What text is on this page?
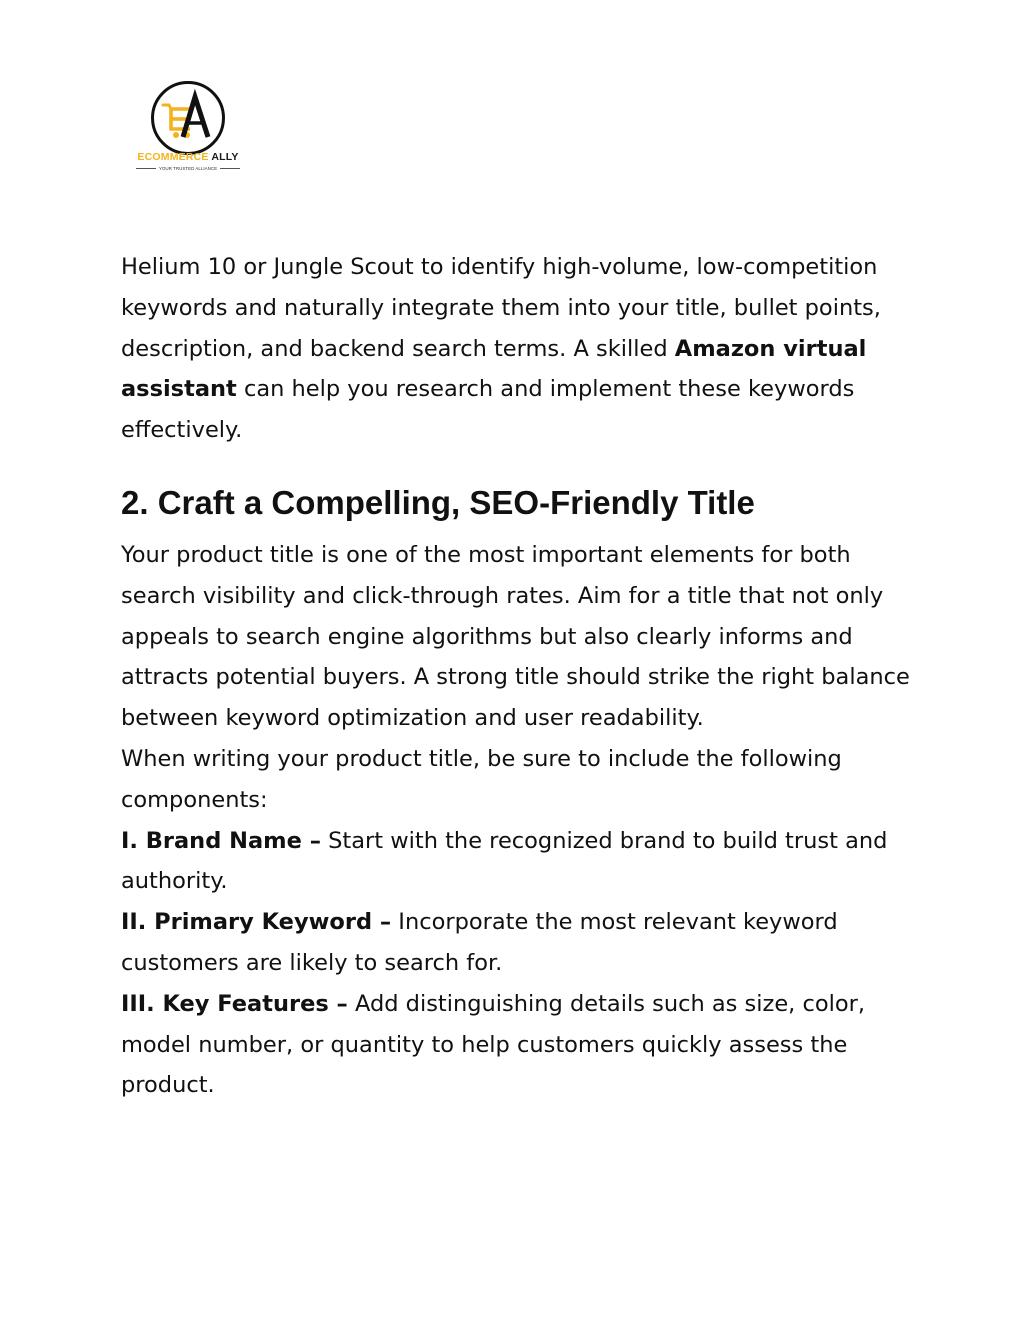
ECOMMERCE ALLY
YOUR TRUSTED ALLIANCE

Helium 10 or Jungle Scout to identify high-volume, low-competition keywords and naturally integrate them into your title, bullet points, description, and backend search terms. A skilled Amazon virtual assistant can help you research and implement these keywords effectively.

2. Craft a Compelling, SEO-Friendly Title

Your product title is one of the most important elements for both search visibility and click-through rates. Aim for a title that not only appeals to search engine algorithms but also clearly informs and attracts potential buyers. A strong title should strike the right balance between keyword optimization and user readability.

When writing your product title, be sure to include the following components:

I. Brand Name – Start with the recognized brand to build trust and authority.

II. Primary Keyword – Incorporate the most relevant keyword customers are likely to search for.

III. Key Features – Add distinguishing details such as size, color, model number, or quantity to help customers quickly assess the product.
